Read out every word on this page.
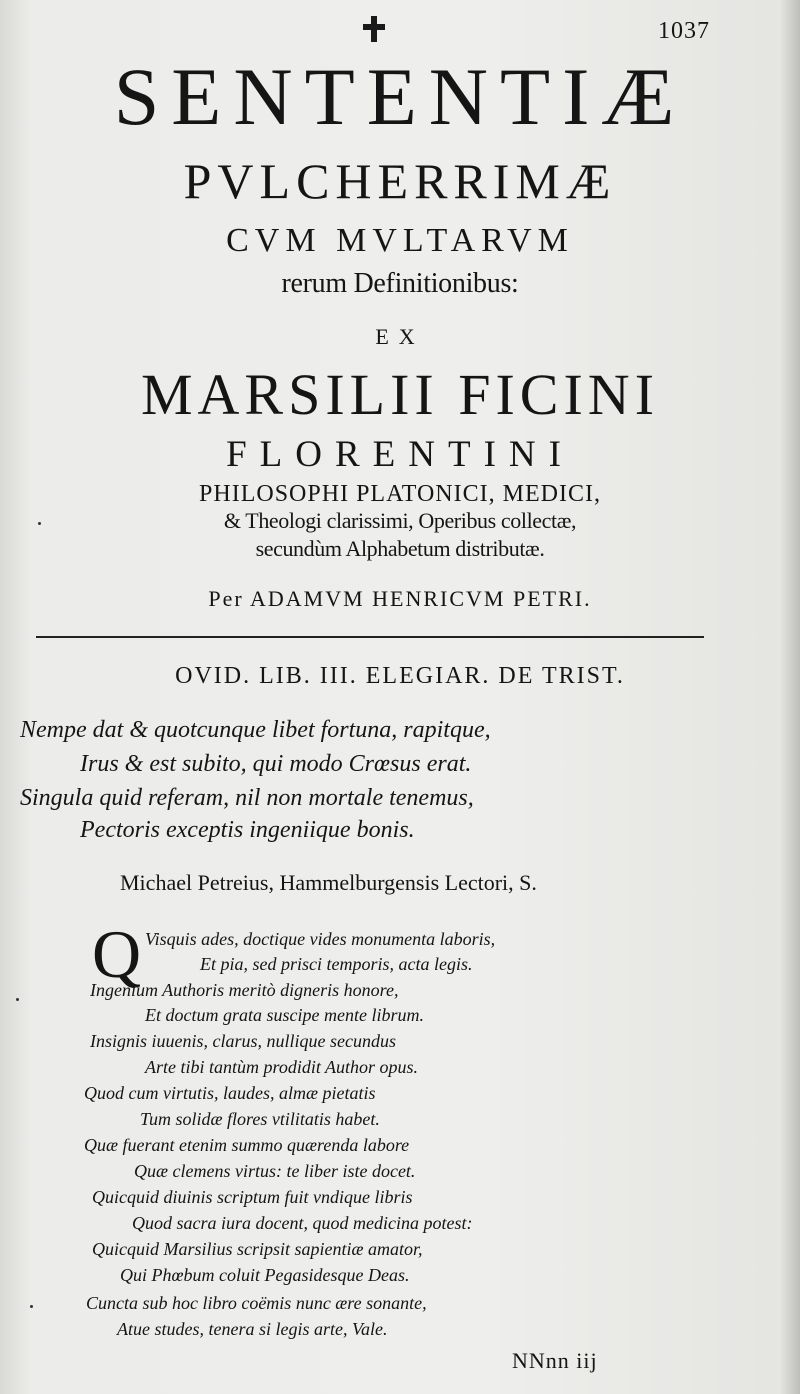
1037
SENTENTIÆ
PVLCHERRIMÆ
CVM MVLTARVM
rerum Definitionibus:
EX
MARSILII FICINI
FLORENTINI
PHILOSOPHI PLATONICI, MEDICI,
& Theologi clarissimi, Operibus collectæ,
secundùm Alphabetum distributæ.
Per ADAMVM HENRICVM PETRI.
OVID. LIB. III. ELEGIAR. DE TRIST.
Nempe dat & quotcunque libet fortuna, rapitque,
Irus & est subito, qui modo Crœsus erat.
Singula quid referam, nil non mortale tenemus,
Pectoris exceptis ingeniique bonis.
Michael Petreius, Hammelburgensis Lectori, S.
Q Visquis ades, doctique vides monumenta laboris,
Et pia, sed prisci temporis, acta legis.
Ingenium Authoris meritò digneris honore,
Et doctum grata suscipe mente librum.
Insignis iuuenis, clarus, nullique secundus
Arte tibi tantùm prodidit Author opus.
Quod cum virtutis, laudes, almæ pietatis
Tum solidæ flores vtilitatis habet.
Quæ fuerant etenim summo quærenda labore
Quæ clemens virtus: te liber iste docet.
Quicquid diuinis scriptum fuit vndique libris
Quod sacra iura docent, quod medicina potest:
Quicquid Marsilius scripsit sapientiæ amator,
Qui Phœbum coluit Pegasidesque Deas.
Cuncta sub hoc libro coëmis nunc ære sonante,
Atue studes, tenera si legis arte, Vale.
NNnn iij
